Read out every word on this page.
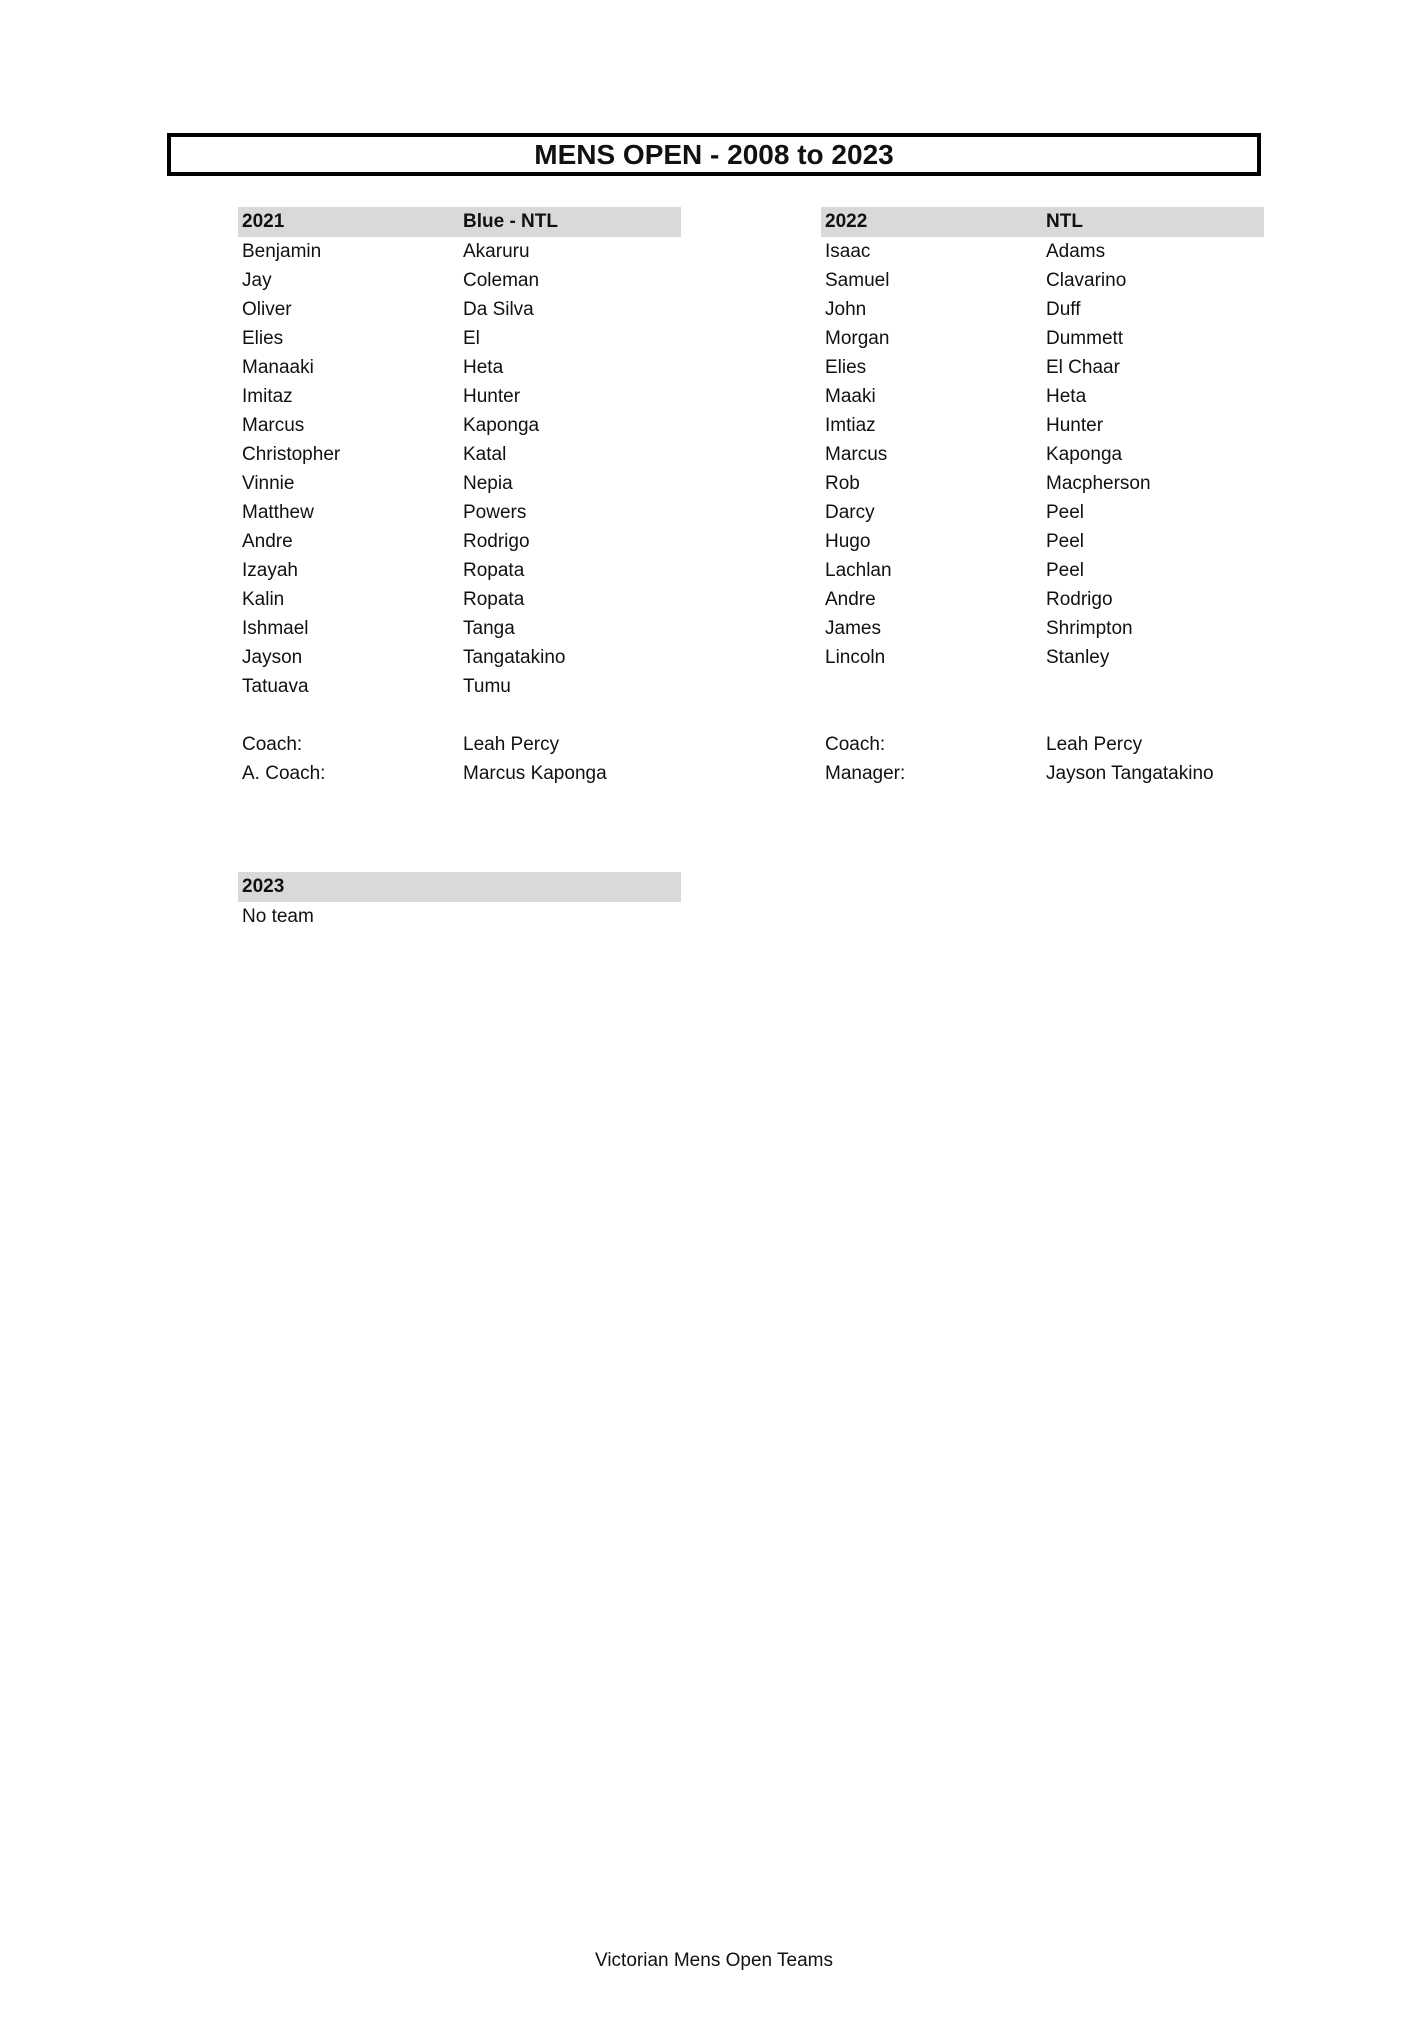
MENS OPEN - 2008 to 2023
2021	Blue - NTL
Benjamin	Akaruru
Jay	Coleman
Oliver	Da Silva
Elies	El
Manaaki	Heta
Imitaz	Hunter
Marcus	Kaponga
Christopher	Katal
Vinnie	Nepia
Matthew	Powers
Andre	Rodrigo
Izayah	Ropata
Kalin	Ropata
Ishmael	Tanga
Jayson	Tangatakino
Tatuava	Tumu
Coach:	Leah Percy
A. Coach:	Marcus Kaponga
2022	NTL
Isaac	Adams
Samuel	Clavarino
John	Duff
Morgan	Dummett
Elies	El Chaar
Maaki	Heta
Imtiaz	Hunter
Marcus	Kaponga
Rob	Macpherson
Darcy	Peel
Hugo	Peel
Lachlan	Peel
Andre	Rodrigo
James	Shrimpton
Lincoln	Stanley
Coach:	Leah Percy
Manager:	Jayson Tangatakino
2023
No team
Victorian Mens Open Teams
